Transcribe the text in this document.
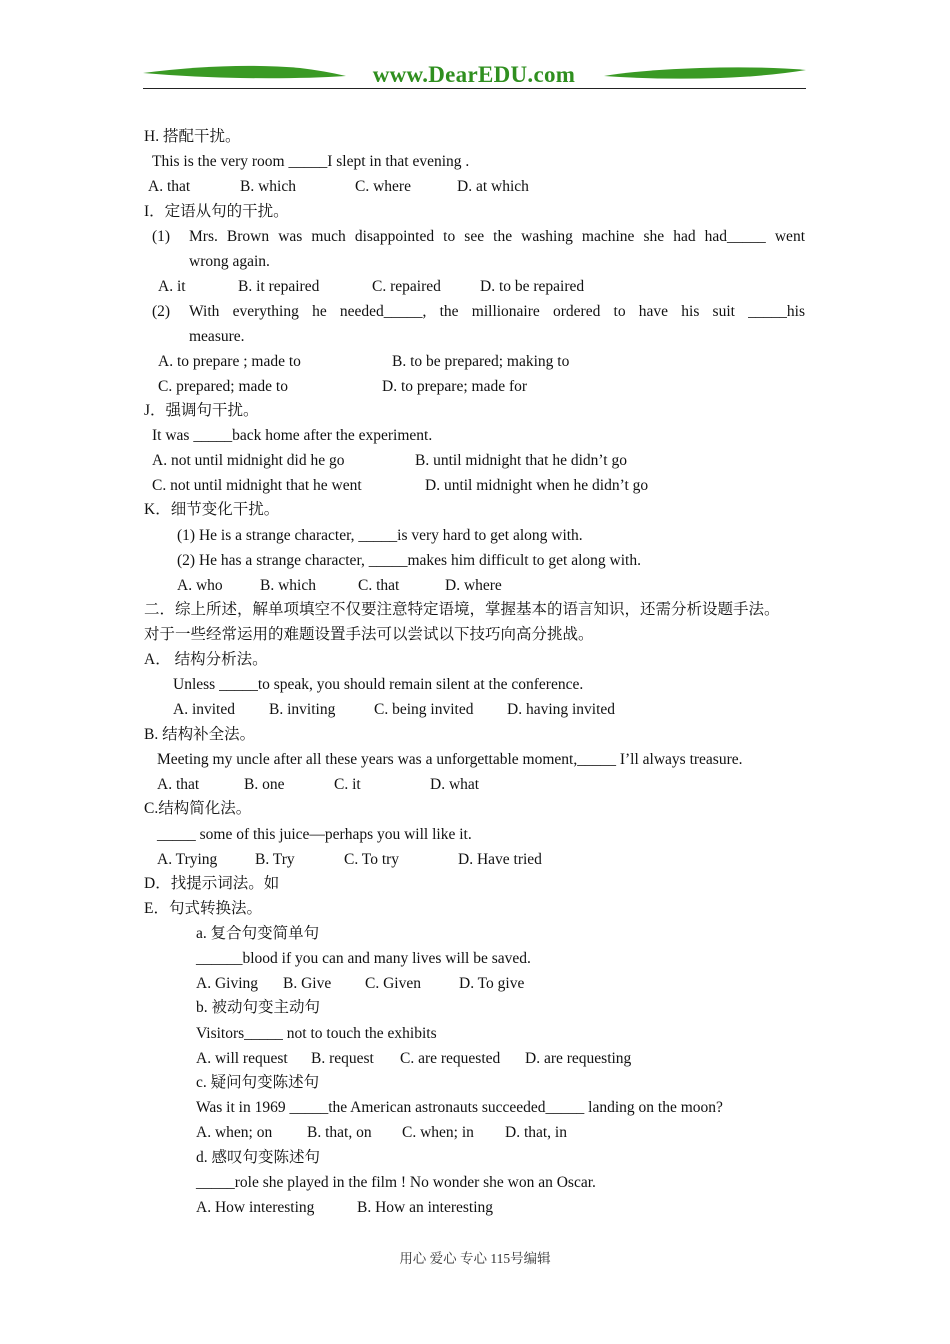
www.DearEDU.com
H. 搭配干扰。
This is the very room _____I slept in that evening .
A. that	B. which	C. where	D. at which
I．定语从句的干扰。
(1) Mrs. Brown was much disappointed to see the washing machine she had had_____ went
wrong again.
A. it	B. it repaired	C. repaired	D. to be repaired
(2) With everything he needed_____, the millionaire ordered to have his suit _____his
measure.
A. to prepare ; made to	B. to be prepared; making to
C. prepared; made to	D. to prepare; made for
J．强调句干扰。
It was _____back home after the experiment.
A. not until midnight did he go	B. until midnight that he didn’t go
C. not until midnight that he went	D. until midnight when he didn’t go
K．细节变化干扰。
(1) He is a strange character, _____is very hard to get along with.
(2) He has a strange character, _____makes him difficult to get along with.
A. who B. which	C. that	D. where
二．综上所述，解单项填空不仅要注意特定语境，掌握基本的语言知识，还需分析设题手法。
对于一些经常运用的难题设置手法可以尝试以下技巧向高分挑战。
A． 结构分析法。
Unless _____to speak, you should remain silent at the conference.
A. invited B. inviting C. being invited D. having invited
B. 结构补全法。
Meeting my uncle after all these years was a unforgettable moment,_____ I’ll always treasure.
A. that	B. one	C. it	D. what
C.结构简化法。
_____ some of this juice—perhaps you will like it.
A. Trying B. Try	C. To try	D. Have tried
D．找提示词法。如
E．句式转换法。
a. 复合句变简单句
______blood if you can and many lives will be saved.
A. Giving B. Give C. Given D. To give
b. 被动句变主动句
Visitors_____ not to touch the exhibits
A. will request B. request C. are requested D. are requesting
c. 疑问句变陈述句
Was it in 1969 _____the American astronauts succeeded_____ landing on the moon?
A. when; on B. that, on C. when; in D. that, in
d. 感叹句变陈述句
_____role she played in the film ! No wonder she won an Oscar.
A. How interesting	B. How an interesting
用心 爱心 专心 115号编辑
